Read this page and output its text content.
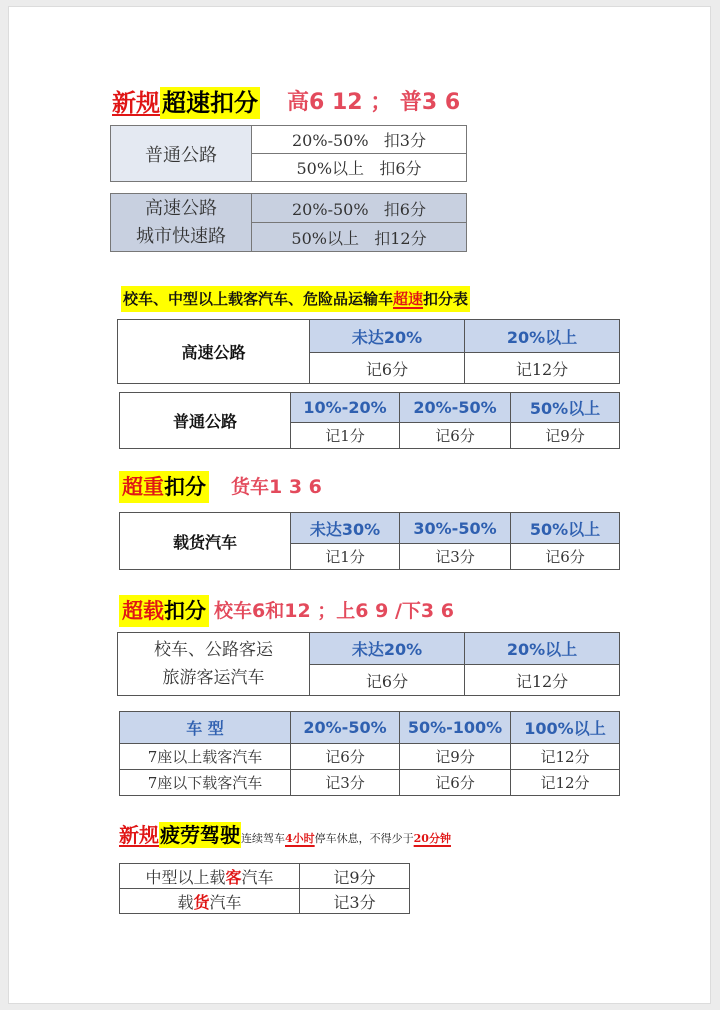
新规超速扣分 高6 12 ； 普3 6
普通公路	20%-50% 扣3分
50%以上 扣6分
高速公路
城市快速路
	20%-50% 扣6分
50%以上 扣12分
校车、中型以上载客汽车、危险品运输车超速扣分表
高速公路	未达20%	20%以上
	记6分	记12分
普通公路	10%-20%	20%-50%	50%以上
	记1分	记6分	记9分
超重扣分 货车1 3 6
载货汽车	未达30%	30%-50%	50%以上
	记1分	记3分	记6分
超载扣分 校车6和12 ；上6 9 /下3 6
校车、公路客运
旅游客运汽车	未达20%	20%以上
	记6分	记12分
车 型	20%-50%	50%-100%	100%以上
7座以上载客汽车	记6分	记9分	记12分
7座以下载客汽车	记3分	记6分	记12分
新规疲劳驾驶连续驾车4小时停车休息，不得少于20分钟
中型以上载客汽车	记9分
载货汽车	记3分
